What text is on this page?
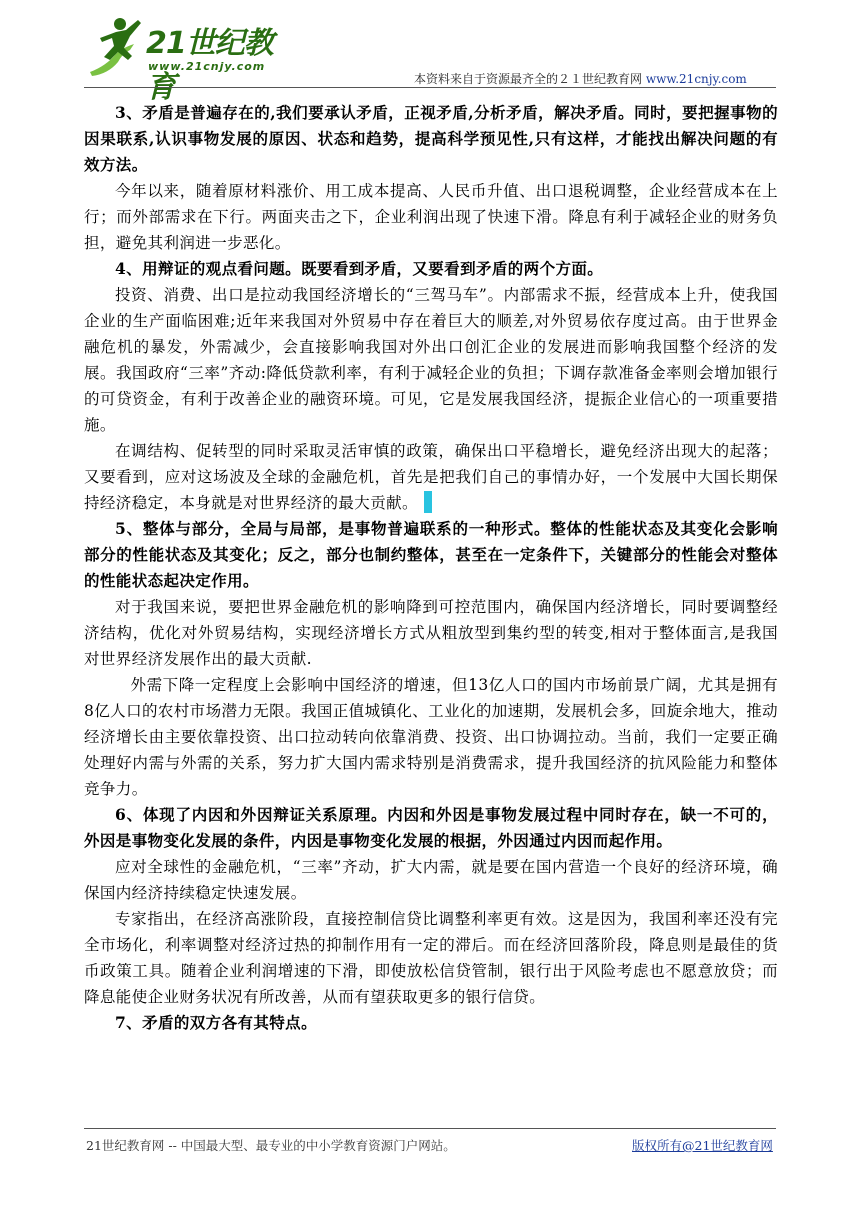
21世纪教育
www.21cnjy.com
本资料来自于资源最齐全的２１世纪教育网 www.21cnjy.com

3、矛盾是普遍存在的,我们要承认矛盾，正视矛盾,分析矛盾，解决矛盾。同时，要把握事物的因果联系,认识事物发展的原因、状态和趋势，提高科学预见性,只有这样，才能找出解决问题的有效方法。

今年以来，随着原材料涨价、用工成本提高、人民币升值、出口退税调整，企业经营成本在上行；而外部需求在下行。两面夹击之下，企业利润出现了快速下滑。降息有利于减轻企业的财务负担，避免其利润进一步恶化。

4、用辩证的观点看问题。既要看到矛盾，又要看到矛盾的两个方面。

投资、消费、出口是拉动我国经济增长的“三驾马车”。内部需求不振，经营成本上升，使我国企业的生产面临困难;近年来我国对外贸易中存在着巨大的顺差,对外贸易依存度过高。由于世界金融危机的暴发，外需减少，会直接影响我国对外出口创汇企业的发展进而影响我国整个经济的发展。我国政府“三率”齐动:降低贷款利率，有利于减轻企业的负担；下调存款准备金率则会增加银行的可贷资金，有利于改善企业的融资环境。可见，它是发展我国经济，提振企业信心的一项重要措施。

在调结构、促转型的同时采取灵活审慎的政策，确保出口平稳增长，避免经济出现大的起落；又要看到，应对这场波及全球的金融危机，首先是把我们自己的事情办好，一个发展中大国长期保持经济稳定，本身就是对世界经济的最大贡献。

5、整体与部分，全局与局部，是事物普遍联系的一种形式。整体的性能状态及其变化会影响部分的性能状态及其变化；反之，部分也制约整体，甚至在一定条件下，关键部分的性能会对整体的性能状态起决定作用。

对于我国来说，要把世界金融危机的影响降到可控范围内，确保国内经济增长，同时要调整经济结构，优化对外贸易结构，实现经济增长方式从粗放型到集约型的转变,相对于整体面言,是我国对世界经济发展作出的最大贡献.

外需下降一定程度上会影响中国经济的增速，但13亿人口的国内市场前景广阔，尤其是拥有8亿人口的农村市场潜力无限。我国正值城镇化、工业化的加速期，发展机会多，回旋余地大，推动经济增长由主要依靠投资、出口拉动转向依靠消费、投资、出口协调拉动。当前，我们一定要正确处理好内需与外需的关系，努力扩大国内需求特别是消费需求，提升我国经济的抗风险能力和整体竞争力。

6、体现了内因和外因辩证关系原理。内因和外因是事物发展过程中同时存在，缺一不可的，外因是事物变化发展的条件，内因是事物变化发展的根据，外因通过内因而起作用。

应对全球性的金融危机，“三率”齐动，扩大内需，就是要在国内营造一个良好的经济环境，确保国内经济持续稳定快速发展。

专家指出，在经济高涨阶段，直接控制信贷比调整利率更有效。这是因为，我国利率还没有完全市场化，利率调整对经济过热的抑制作用有一定的滞后。而在经济回落阶段，降息则是最佳的货币政策工具。随着企业利润增速的下滑，即使放松信贷管制，银行出于风险考虑也不愿意放贷；而降息能使企业财务状况有所改善，从而有望获取更多的银行信贷。

7、矛盾的双方各有其特点。

21世纪教育网 -- 中国最大型、最专业的中小学教育资源门户网站。	版权所有@21世纪教育网
